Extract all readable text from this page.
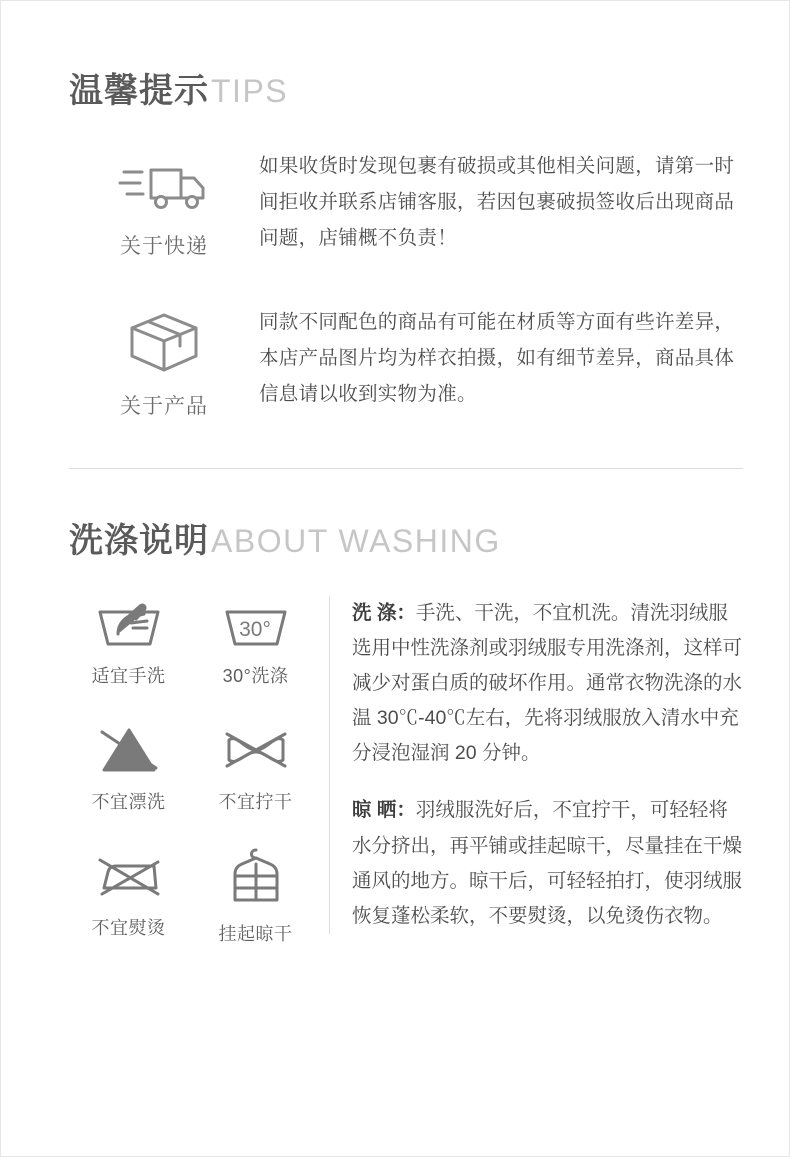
温馨提示 TIPS
关于快递
如果收货时发现包裹有破损或其他相关问题，请第一时间拒收并联系店铺客服，若因包裹破损签收后出现商品问题，店铺概不负责！
关于产品
同款不同配色的商品有可能在材质等方面有些许差异，本店产品图片均为样衣拍摄，如有细节差异，商品具体信息请以收到实物为准。
洗涤说明 ABOUT WASHING
适宜手洗
30°
30°洗涤
不宜漂洗	不宜拧干
不宜熨烫	挂起晾干

洗 涤：手洗、干洗，不宜机洗。清洗羽绒服选用中性洗涤剂或羽绒服专用洗涤剂，这样可减少对蛋白质的破坏作用。通常衣物洗涤的水温 30℃-40℃左右，先将羽绒服放入清水中充分浸泡湿润 20 分钟。

晾 晒：羽绒服洗好后，不宜拧干，可轻轻将水分挤出，再平铺或挂起晾干，尽量挂在干燥通风的地方。晾干后，可轻轻拍打，使羽绒服恢复蓬松柔软，不要熨烫，以免烫伤衣物。
